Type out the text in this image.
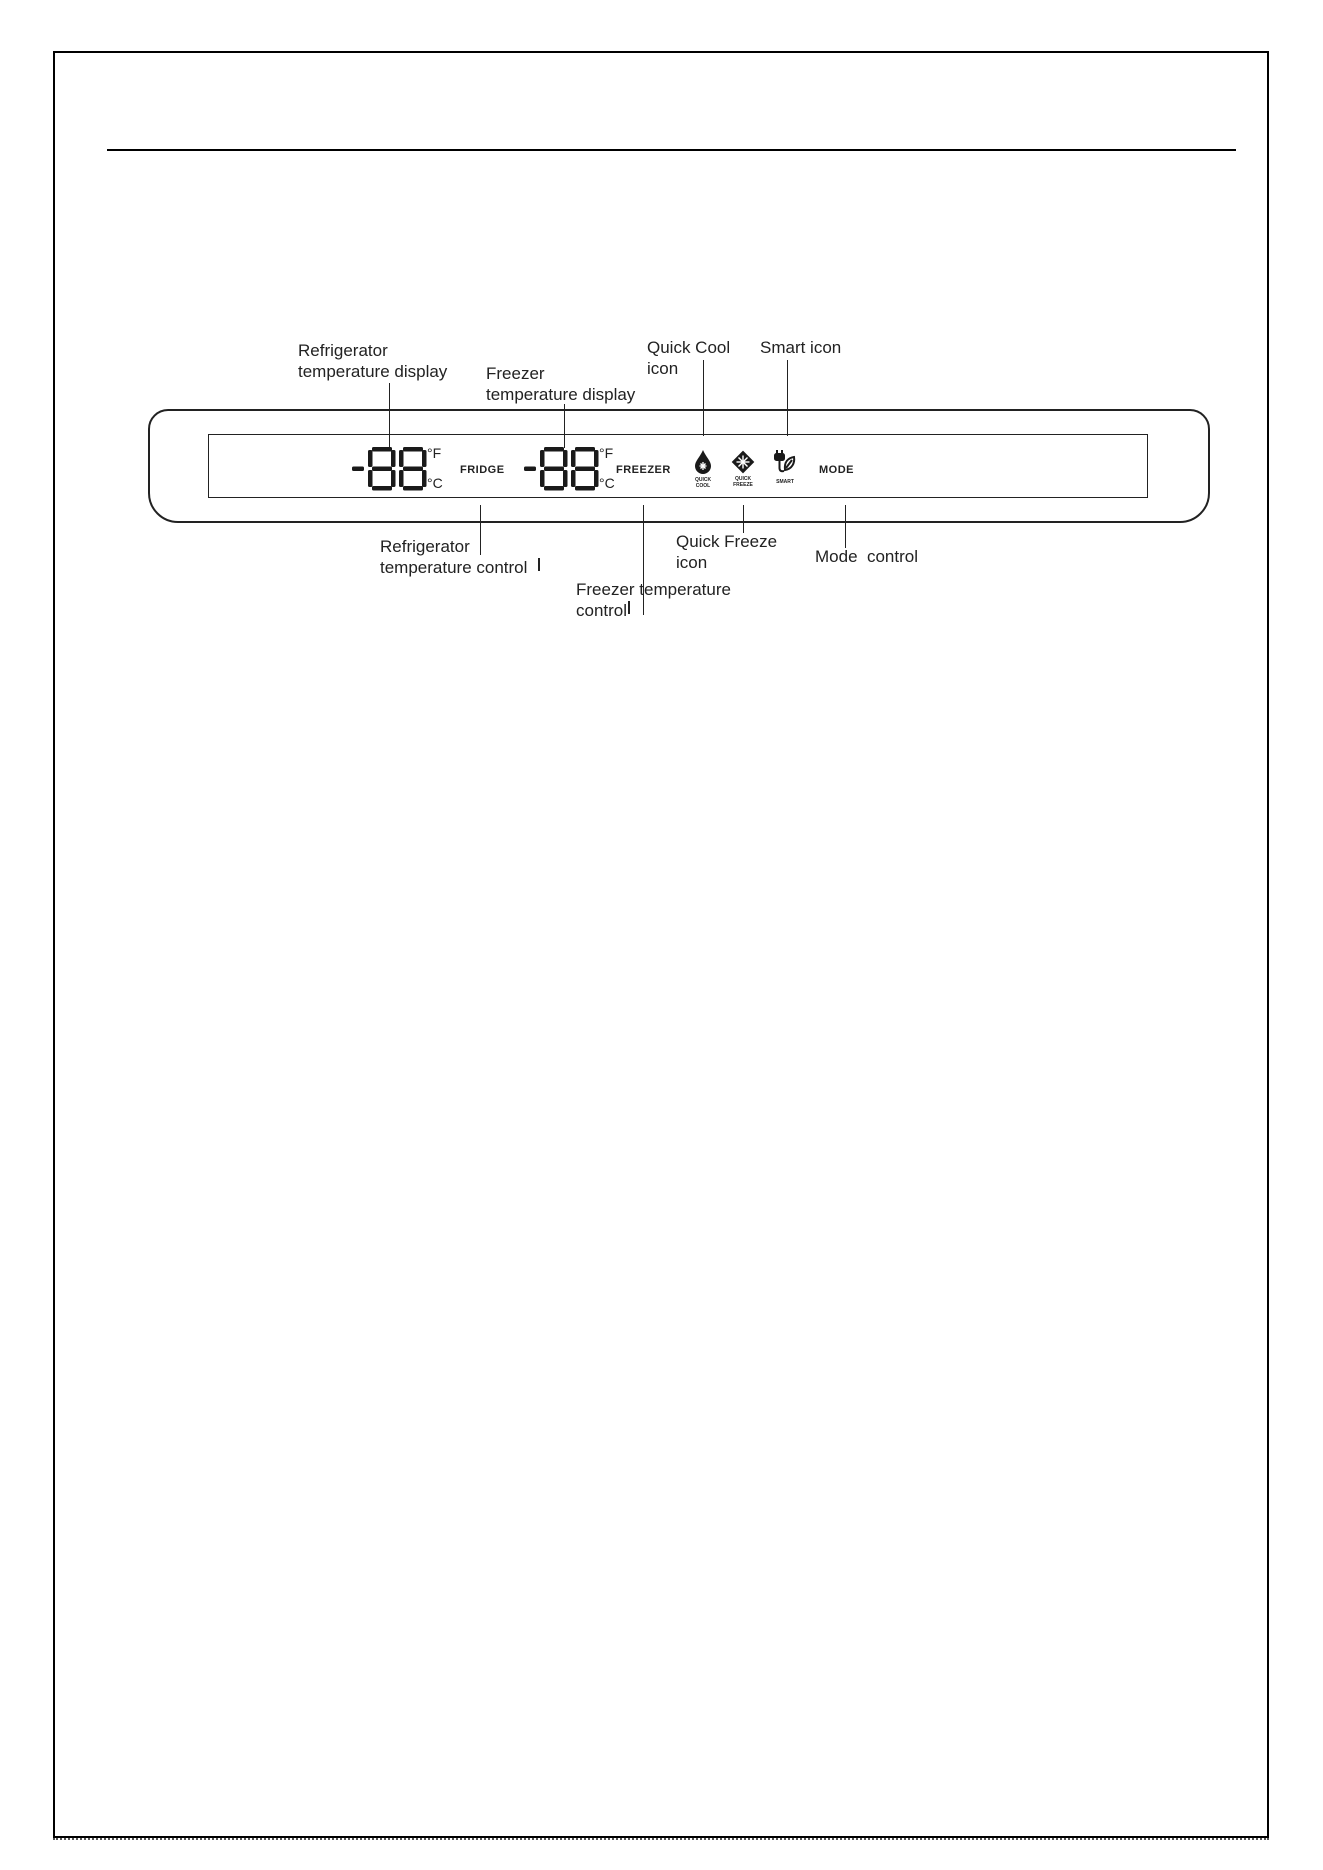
Refrigerator
temperature display Freezer
temperature display
Quick Cool
icon
Smart icon
Refrigerator
temperature control
Freezer temperature
control
Quick Freeze
icon	Mode  control
-88	°F
°C
FRIDGE
-88	°F
°C
FREEZER
QUICK
COOL
QUICK
FREEZE	SMART
MODE
